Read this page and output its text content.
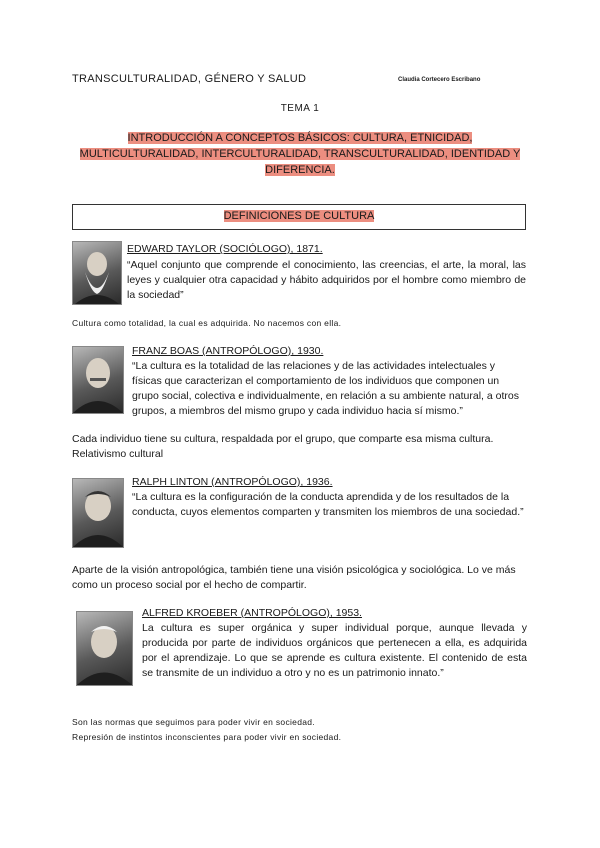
TRANSCULTURALIDAD, GÉNERO Y SALUD	Claudia Cortecero Escribano
TEMA 1
INTRODUCCIÓN A CONCEPTOS BÁSICOS: CULTURA, ETNICIDAD,
MULTICULTURALIDAD, INTERCULTURALIDAD, TRANSCULTURALIDAD, IDENTIDAD Y
DIFERENCIA.
DEFINICIONES DE CULTURA
EDWARD TAYLOR (SOCIÓLOGO), 1871.
“Aquel conjunto que comprende el conocimiento, las creencias, el arte, la moral, las leyes y cualquier otra capacidad y hábito adquiridos por el hombre como miembro de la sociedad”
Cultura como totalidad, la cual es adquirida. No nacemos con ella.
FRANZ BOAS (ANTROPÓLOGO), 1930.
“La cultura es la totalidad de las relaciones y de las actividades intelectuales y físicas que caracterizan el comportamiento de los individuos que componen un grupo social, colectiva e individualmente, en relación a su ambiente natural, a otros grupos, a miembros del mismo grupo y cada individuo hacia sí mismo.”
Cada individuo tiene su cultura, respaldada por el grupo, que comparte esa misma cultura.
Relativismo cultural
RALPH LINTON (ANTROPÓLOGO), 1936.
“La cultura es la configuración de la conducta aprendida y de los resultados de la conducta, cuyos elementos comparten y transmiten los miembros de una sociedad.”
Aparte de la visión antropológica, también tiene una visión psicológica y sociológica. Lo ve más como un proceso social por el hecho de compartir.
ALFRED KROEBER (ANTROPÓLOGO), 1953.
La cultura es super orgánica y super individual porque, aunque llevada y producida por parte de individuos orgánicos que pertenecen a ella, es adquirida por el aprendizaje. Lo que se aprende es cultura existente. El contenido de esta se transmite de un individuo a otro y no es un patrimonio innato.”
Son las normas que seguimos para poder vivir en sociedad.
Represión de instintos inconscientes para poder vivir en sociedad.
